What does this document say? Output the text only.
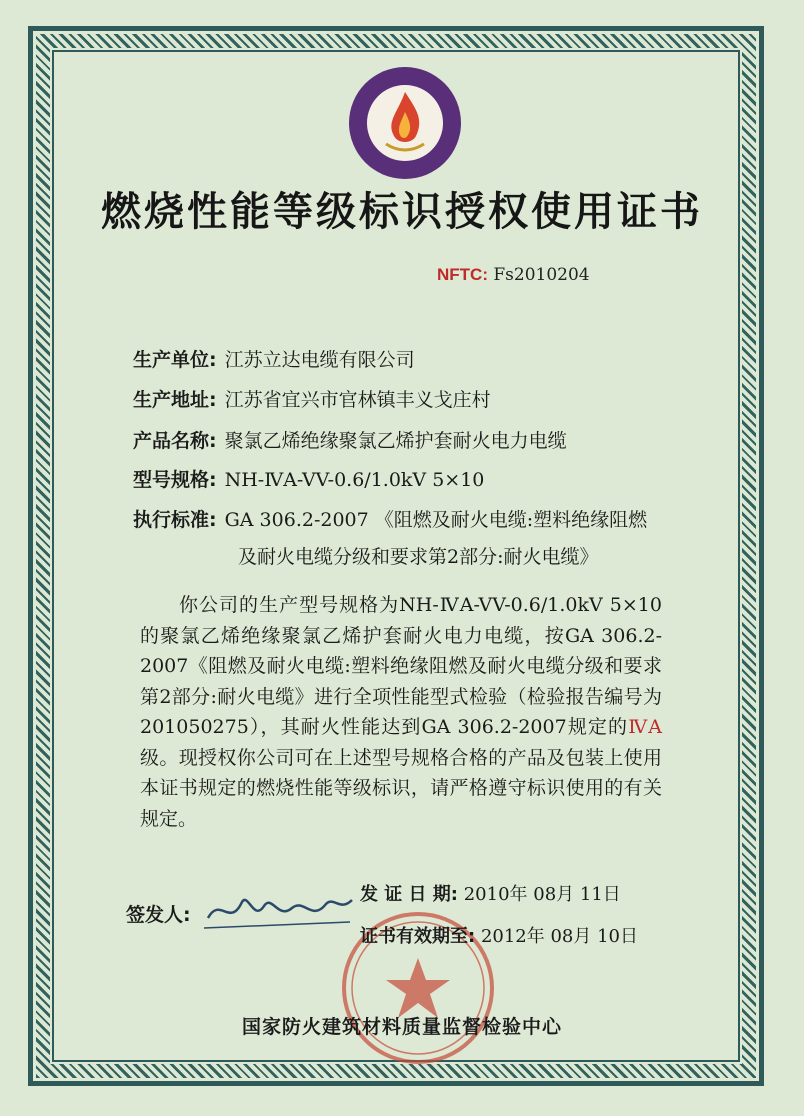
燃烧性能等级标识授权使用证书
NFTC: Fs2010204
生产单位: 江苏立达电缆有限公司
生产地址: 江苏省宜兴市官林镇丰义戈庄村
产品名称: 聚氯乙烯绝缘聚氯乙烯护套耐火电力电缆
型号规格: NH-ⅣA-VV-0.6/1.0kV 5×10
执行标准: GA 306.2-2007 《阻燃及耐火电缆:塑料绝缘阻燃
及耐火电缆分级和要求第2部分:耐火电缆》

  你公司的生产型号规格为NH-ⅣA-VV-0.6/1.0kV 5×10的聚氯乙烯绝缘聚氯乙烯护套耐火电力电缆，按GA 306.2-2007《阻燃及耐火电缆:塑料绝缘阻燃及耐火电缆分级和要求第2部分:耐火电缆》进行全项性能型式检验（检验报告编号为201050275），其耐火性能达到GA 306.2-2007规定的ⅣA级。现授权你公司可在上述型号规格合格的产品及包装上使用本证书规定的燃烧性能等级标识，请严格遵守标识使用的有关规定。

签发人:
发 证 日 期: 2010年 08月 11日
证书有效期至: 2012年 08月 10日
国家防火建筑材料质量监督检验中心
